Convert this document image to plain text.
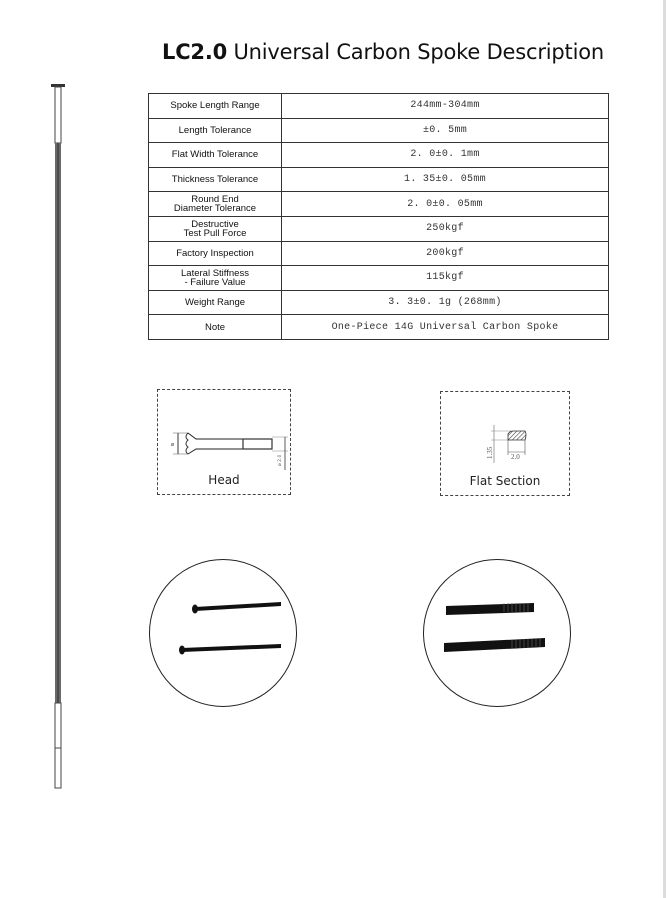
LC2.0 Universal Carbon Spoke Description
Spoke Length Range	244mm-304mm
Length Tolerance	±0. 5mm
Flat Width Tolerance	2. 0±0. 1mm
Thickness Tolerance	1. 35±0. 05mm
Round End
Diameter Tolerance	2. 0±0. 05mm
Destructive
Test Pull Force	250kgf
Factory Inspection	200kgf
Lateral Stiffness
- Failure Value	115kgf
Weight Range	3. 3±0. 1g (268mm)
Note	One-Piece 14G Universal Carbon Spoke
ø
ø 2.0
Head
1.35 2.0
Flat Section
